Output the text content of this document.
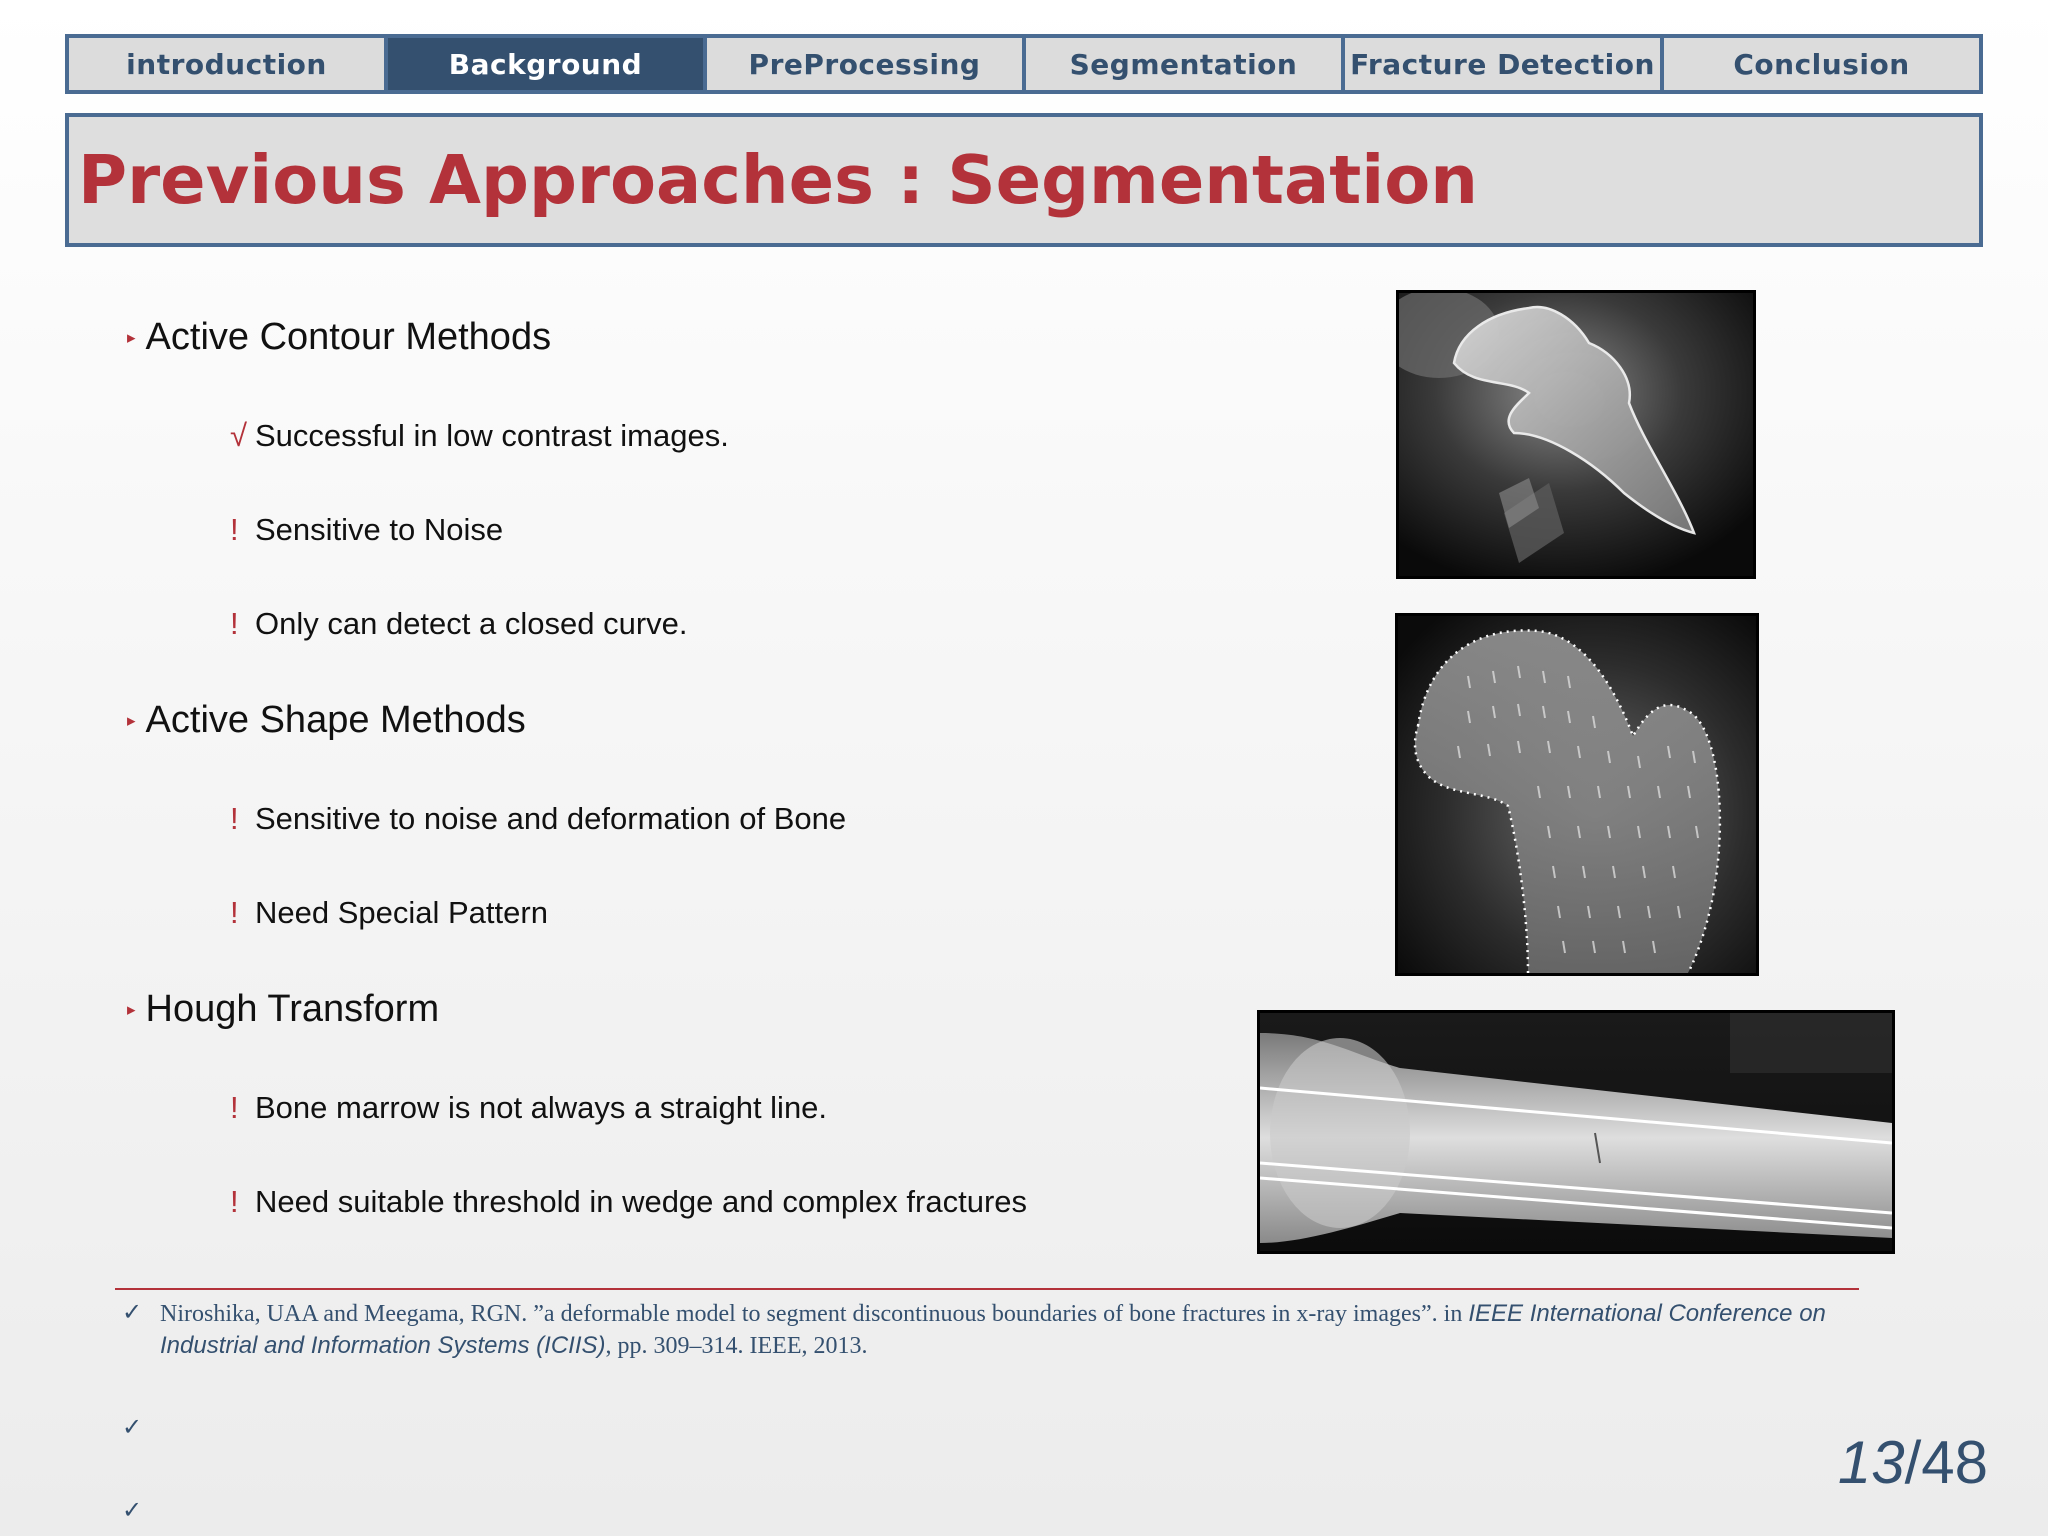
introduction	Background	PreProcessing	Segmentation	Fracture Detection	Conclusion
Previous Approaches : Segmentation
▸ Active Contour Methods
√ Successful in low contrast images.
! Sensitive to Noise
! Only can detect a closed curve.
▸ Active Shape Methods
! Sensitive to noise and deformation of Bone
! Need Special Pattern
▸ Hough Transform
! Bone marrow is not always a straight line.
! Need suitable threshold in wedge and complex fractures
✓ Niroshika, UAA and Meegama, RGN. ”a deformable model to segment discontinuous boundaries of bone fractures in x-ray images”. in IEEE International Conference on Industrial and Information Systems (ICIIS), pp. 309–314. IEEE, 2013.
✓
✓
13/48
